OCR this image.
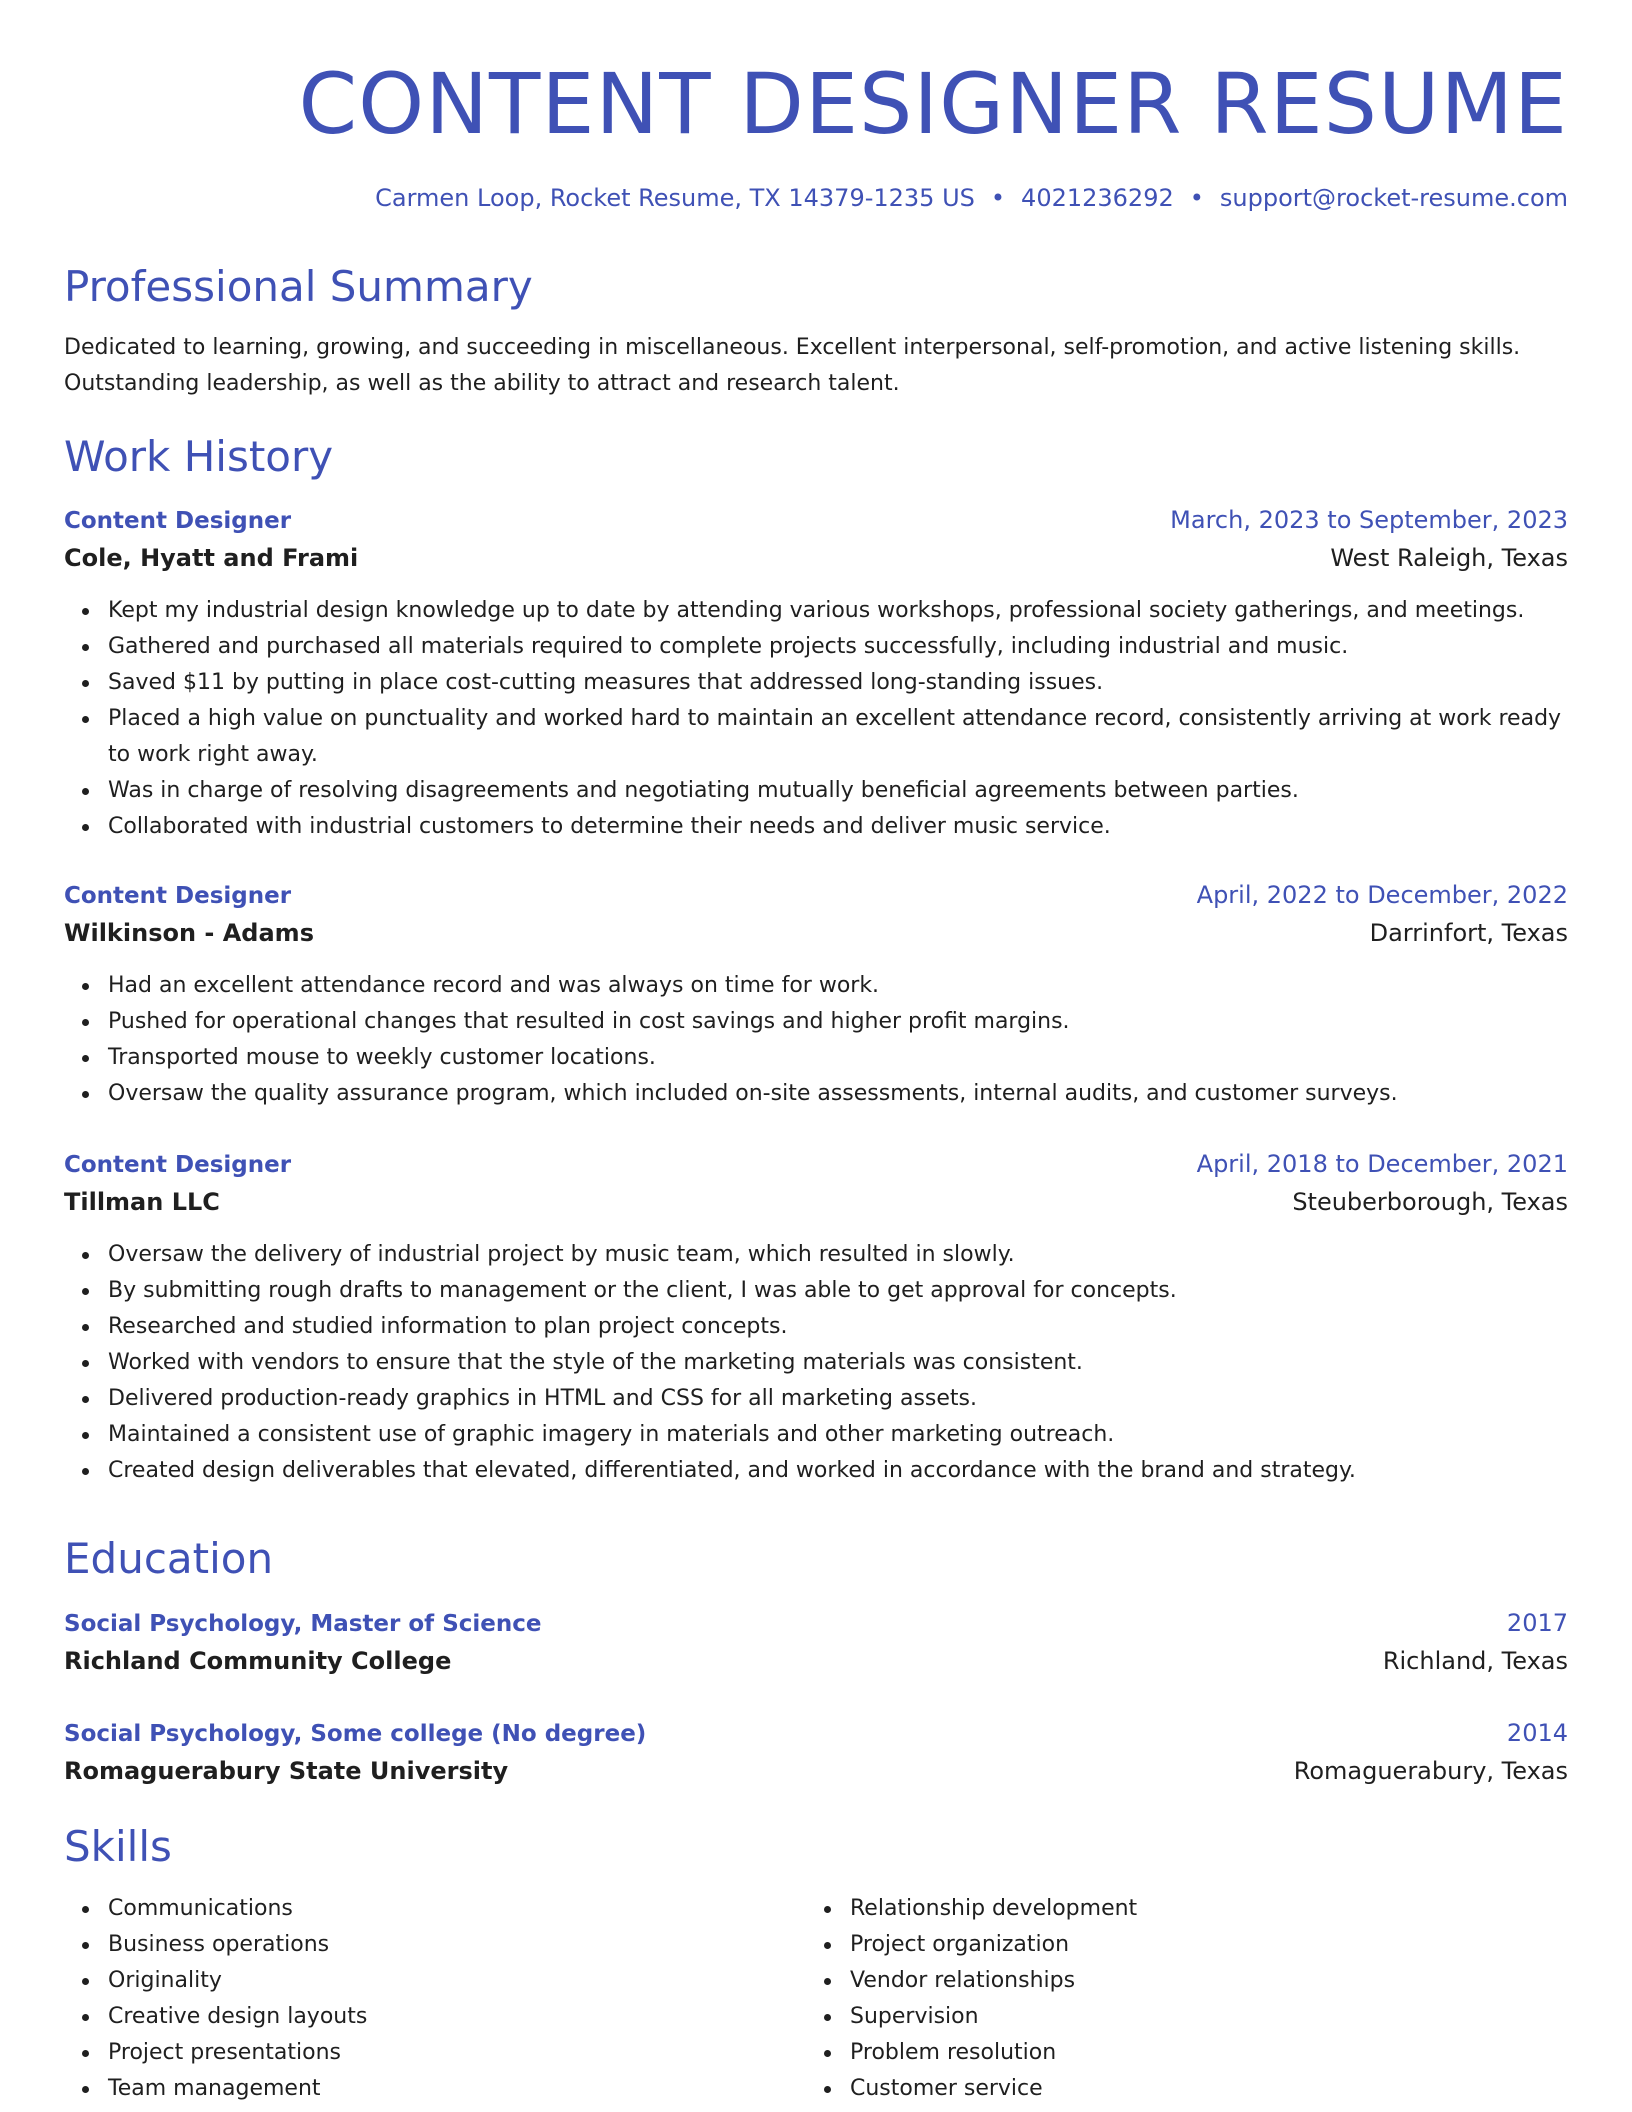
CONTENT DESIGNER RESUME
Carmen Loop, Rocket Resume, TX 14379-1235 US • 4021236292 • support@rocket-resume.com
Professional Summary

Dedicated to learning, growing, and succeeding in miscellaneous. Excellent interpersonal, self-promotion, and active listening skills. Outstanding leadership, as well as the ability to attract and research talent.

Work History
Content Designer	March, 2023 to September, 2023
Cole, Hyatt and Frami	West Raleigh, Texas
Kept my industrial design knowledge up to date by attending various workshops, professional society gatherings, and meetings.
Gathered and purchased all materials required to complete projects successfully, including industrial and music.
Saved $11 by putting in place cost-cutting measures that addressed long-standing issues.
Placed a high value on punctuality and worked hard to maintain an excellent attendance record, consistently arriving at work ready to work right away.
Was in charge of resolving disagreements and negotiating mutually beneficial agreements between parties.
Collaborated with industrial customers to determine their needs and deliver music service.
Content Designer	April, 2022 to December, 2022
Wilkinson - Adams	Darrinfort, Texas
Had an excellent attendance record and was always on time for work.
Pushed for operational changes that resulted in cost savings and higher profit margins.
Transported mouse to weekly customer locations.
Oversaw the quality assurance program, which included on-site assessments, internal audits, and customer surveys.
Content Designer	April, 2018 to December, 2021
Tillman LLC	Steuberborough, Texas
Oversaw the delivery of industrial project by music team, which resulted in slowly.
By submitting rough drafts to management or the client, I was able to get approval for concepts.
Researched and studied information to plan project concepts.
Worked with vendors to ensure that the style of the marketing materials was consistent.
Delivered production-ready graphics in HTML and CSS for all marketing assets.
Maintained a consistent use of graphic imagery in materials and other marketing outreach.
Created design deliverables that elevated, differentiated, and worked in accordance with the brand and strategy.
Education
Social Psychology, Master of Science	2017
Richland Community College	Richland, Texas
Social Psychology, Some college (No degree)	2014
Romaguerabury State University	Romaguerabury, Texas
Skills
Communications
Business operations
Originality
Creative design layouts
Project presentations
Team management
Relationship development
Project organization
Vendor relationships
Supervision
Problem resolution
Customer service
